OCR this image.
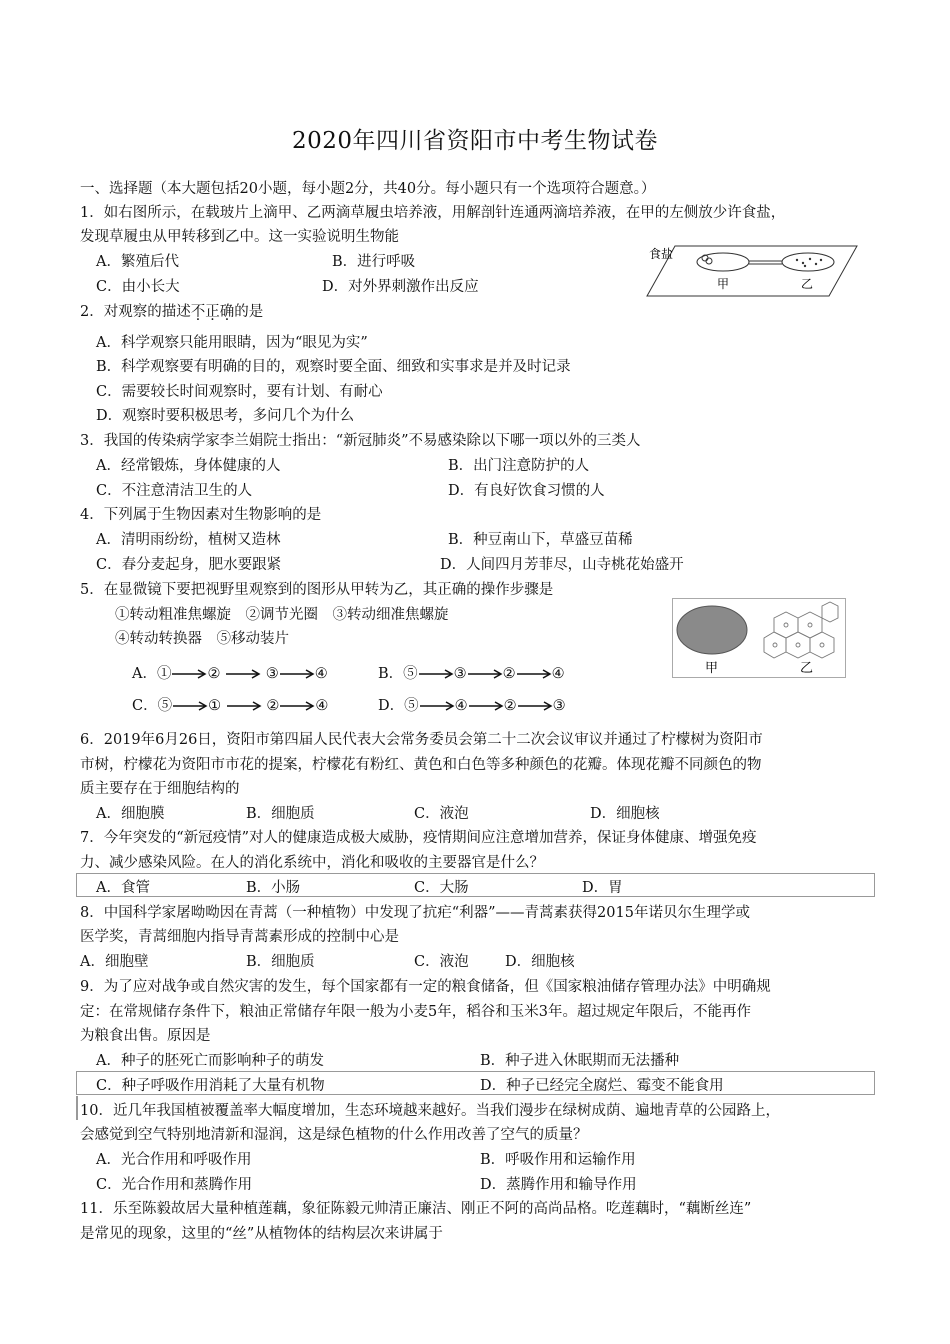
2020年四川省资阳市中考生物试卷
一、选择题（本大题包括20小题，每小题2分，共40分。每小题只有一个选项符合题意。）
1．如右图所示，在载玻片上滴甲、乙两滴草履虫培养液，用解剖针连通两滴培养液，在甲的左侧放少许食盐，
发现草履虫从甲转移到乙中。这一实验说明生物能
A．繁殖后代	B．进行呼吸
C．由小长大	D．对外界刺激作出反应
食盐
甲	乙
2．对观察的描述不正确的是
A．科学观察只能用眼睛，因为“眼见为实”
B．科学观察要有明确的目的，观察时要全面、细致和实事求是并及时记录
C．需要较长时间观察时，要有计划、有耐心
D．观察时要积极思考，多问几个为什么
3．我国的传染病学家李兰娟院士指出：“新冠肺炎”不易感染除以下哪一项以外的三类人
A．经常锻炼，身体健康的人	B．出门注意防护的人
C．不注意清洁卫生的人	D．有良好饮食习惯的人
4．下列属于生物因素对生物影响的是
A．清明雨纷纷，植树又造林	B．种豆南山下，草盛豆苗稀
C．春分麦起身，肥水要跟紧	D．人间四月芳菲尽，山寺桃花始盛开
5．在显微镜下要把视野里观察到的图形从甲转为乙，其正确的操作步骤是
①转动粗准焦螺旋　②调节光圈　③转动细准焦螺旋
④转动转换器　⑤移动装片
A．① ②	③ ④	B．⑤ ③ ② ④
C．⑤ ①	② ④	D．⑤ ④ ② ③
甲	乙
6．2019年6月26日，资阳市第四届人民代表大会常务委员会第二十二次会议审议并通过了柠檬树为资阳市
市树，柠檬花为资阳市市花的提案，柠檬花有粉红、黄色和白色等多种颜色的花瓣。体现花瓣不同颜色的物
质主要存在于细胞结构的
A．细胞膜	B．细胞质	C．液泡	D．细胞核
7．今年突发的“新冠疫情”对人的健康造成极大威胁，疫情期间应注意增加营养，保证身体健康、增强免疫
力、减少感染风险。在人的消化系统中，消化和吸收的主要器官是什么？
A．食管	B．小肠	C．大肠	D．胃
8．中国科学家屠呦呦因在青蒿（一种植物）中发现了抗疟“利器”——青蒿素获得2015年诺贝尔生理学或
医学奖，青蒿细胞内指导青蒿素形成的控制中心是
A．细胞壁	B．细胞质	C．液泡	D．细胞核
9．为了应对战争或自然灾害的发生，每个国家都有一定的粮食储备，但《国家粮油储存管理办法》中明确规
定：在常规储存条件下，粮油正常储存年限一般为小麦5年，稻谷和玉米3年。超过规定年限后，不能再作
为粮食出售。原因是
A．种子的胚死亡而影响种子的萌发	B．种子进入休眠期而无法播种
C．种子呼吸作用消耗了大量有机物	D．种子已经完全腐烂、霉变不能食用
10．近几年我国植被覆盖率大幅度增加，生态环境越来越好。当我们漫步在绿树成荫、遍地青草的公园路上，
会感觉到空气特别地清新和湿润，这是绿色植物的什么作用改善了空气的质量？
A．光合作用和呼吸作用	B．呼吸作用和运输作用
C．光合作用和蒸腾作用	D．蒸腾作用和输导作用
11．乐至陈毅故居大量种植莲藕，象征陈毅元帅清正廉洁、刚正不阿的高尚品格。吃莲藕时，“藕断丝连”
是常见的现象，这里的“丝”从植物体的结构层次来讲属于
